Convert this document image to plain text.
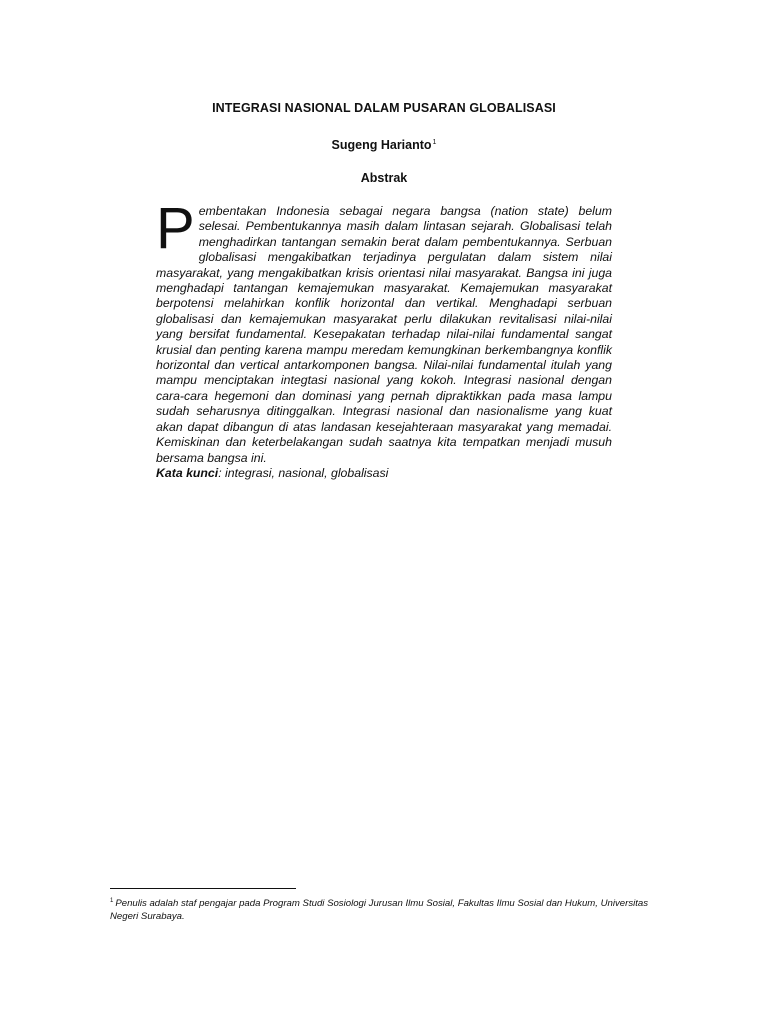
INTEGRASI NASIONAL DALAM PUSARAN GLOBALISASI
Sugeng Harianto$^1$
Abstrak
Pembentakan Indonesia sebagai negara bangsa (nation state) belum selesai. Pembentukannya masih dalam lintasan sejarah. Globalisasi telah menghadirkan tantangan semakin berat dalam pembentukannya. Serbuan globalisasi mengakibatkan terjadinya pergulatan dalam sistem nilai masyarakat, yang mengakibatkan krisis orientasi nilai masyarakat. Bangsa ini juga menghadapi tantangan kemajemukan masyarakat. Kemajemukan masyarakat berpotensi melahirkan konflik horizontal dan vertikal. Menghadapi serbuan globalisasi dan kemajemukan masyarakat perlu dilakukan revitalisasi nilai-nilai yang bersifat fundamental. Kesepakatan terhadap nilai-nilai fundamental sangat krusial dan penting karena mampu meredam kemungkinan berkembangnya konflik horizontal dan vertical antarkomponen bangsa. Nilai-nilai fundamental itulah yang mampu menciptakan integtasi nasional yang kokoh. Integrasi nasional dengan cara-cara hegemoni dan dominasi yang pernah dipraktikkan pada masa lampu sudah seharusnya ditinggalkan. Integrasi nasional dan nasionalisme yang kuat akan dapat dibangun di atas landasan kesejahteraan masyarakat yang memadai. Kemiskinan dan keterbelakangan sudah saatnya kita tempatkan menjadi musuh bersama bangsa ini.
Kata kunci: integrasi, nasional, globalisasi
$^1$ Penulis adalah staf pengajar pada Program Studi Sosiologi Jurusan Ilmu Sosial, Fakultas Ilmu Sosial dan Hukum, Universitas Negeri Surabaya.
